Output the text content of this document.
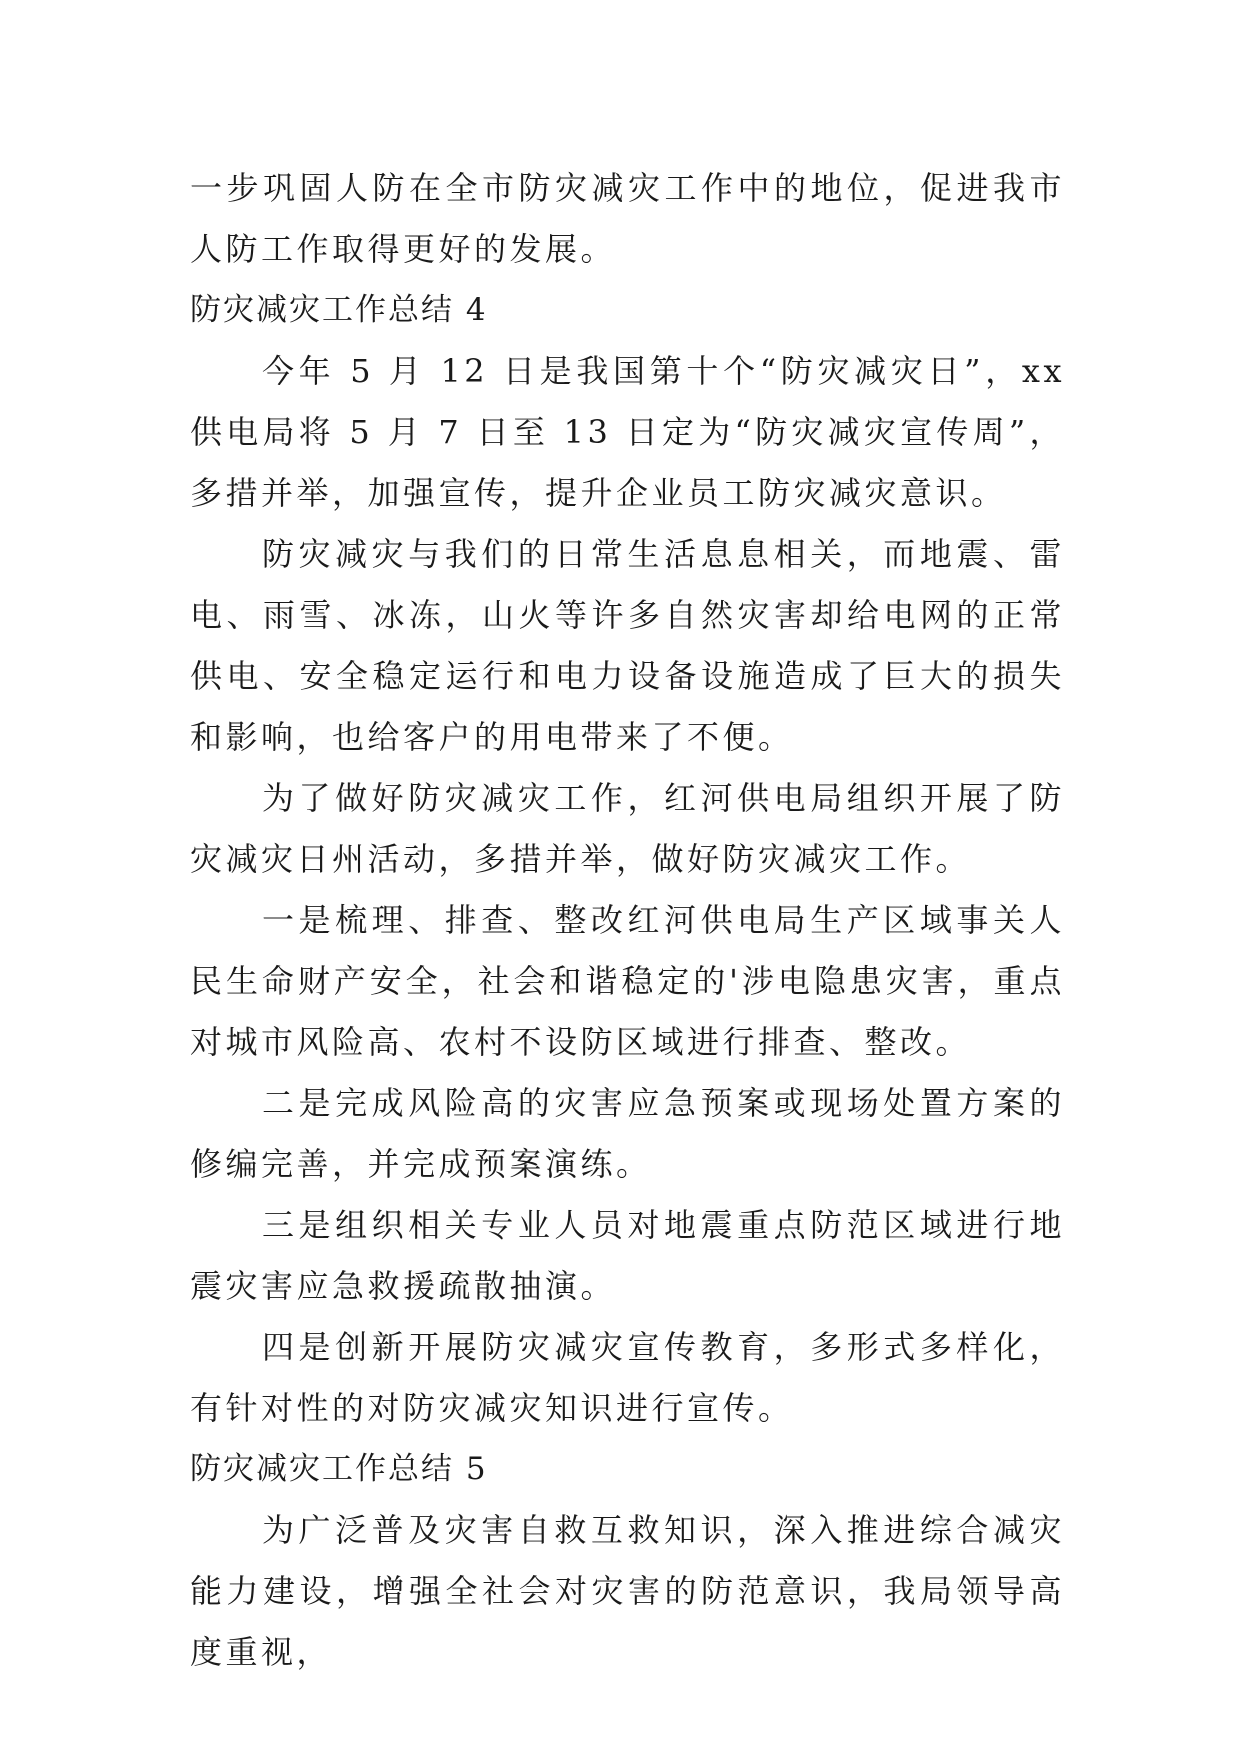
一步巩固人防在全市防灾减灾工作中的地位，促进我市人防工作取得更好的发展。

防灾减灾工作总结 4

今年 5 月 12 日是我国第十个“防灾减灾日”，xx 供电局将 5 月 7 日至 13 日定为“防灾减灾宣传周”，多措并举，加强宣传，提升企业员工防灾减灾意识。

防灾减灾与我们的日常生活息息相关，而地震、雷电、雨雪、冰冻，山火等许多自然灾害却给电网的正常供电、安全稳定运行和电力设备设施造成了巨大的损失和影响，也给客户的用电带来了不便。

为了做好防灾减灾工作，红河供电局组织开展了防灾减灾日州活动，多措并举，做好防灾减灾工作。

一是梳理、排查、整改红河供电局生产区域事关人民生命财产安全，社会和谐稳定的'涉电隐患灾害，重点对城市风险高、农村不设防区域进行排查、整改。

二是完成风险高的灾害应急预案或现场处置方案的修编完善，并完成预案演练。

三是组织相关专业人员对地震重点防范区域进行地震灾害应急救援疏散抽演。

四是创新开展防灾减灾宣传教育，多形式多样化，有针对性的对防灾减灾知识进行宣传。

防灾减灾工作总结 5

为广泛普及灾害自救互救知识，深入推进综合减灾能力建设，增强全社会对灾害的防范意识，我局领导高度重视，
